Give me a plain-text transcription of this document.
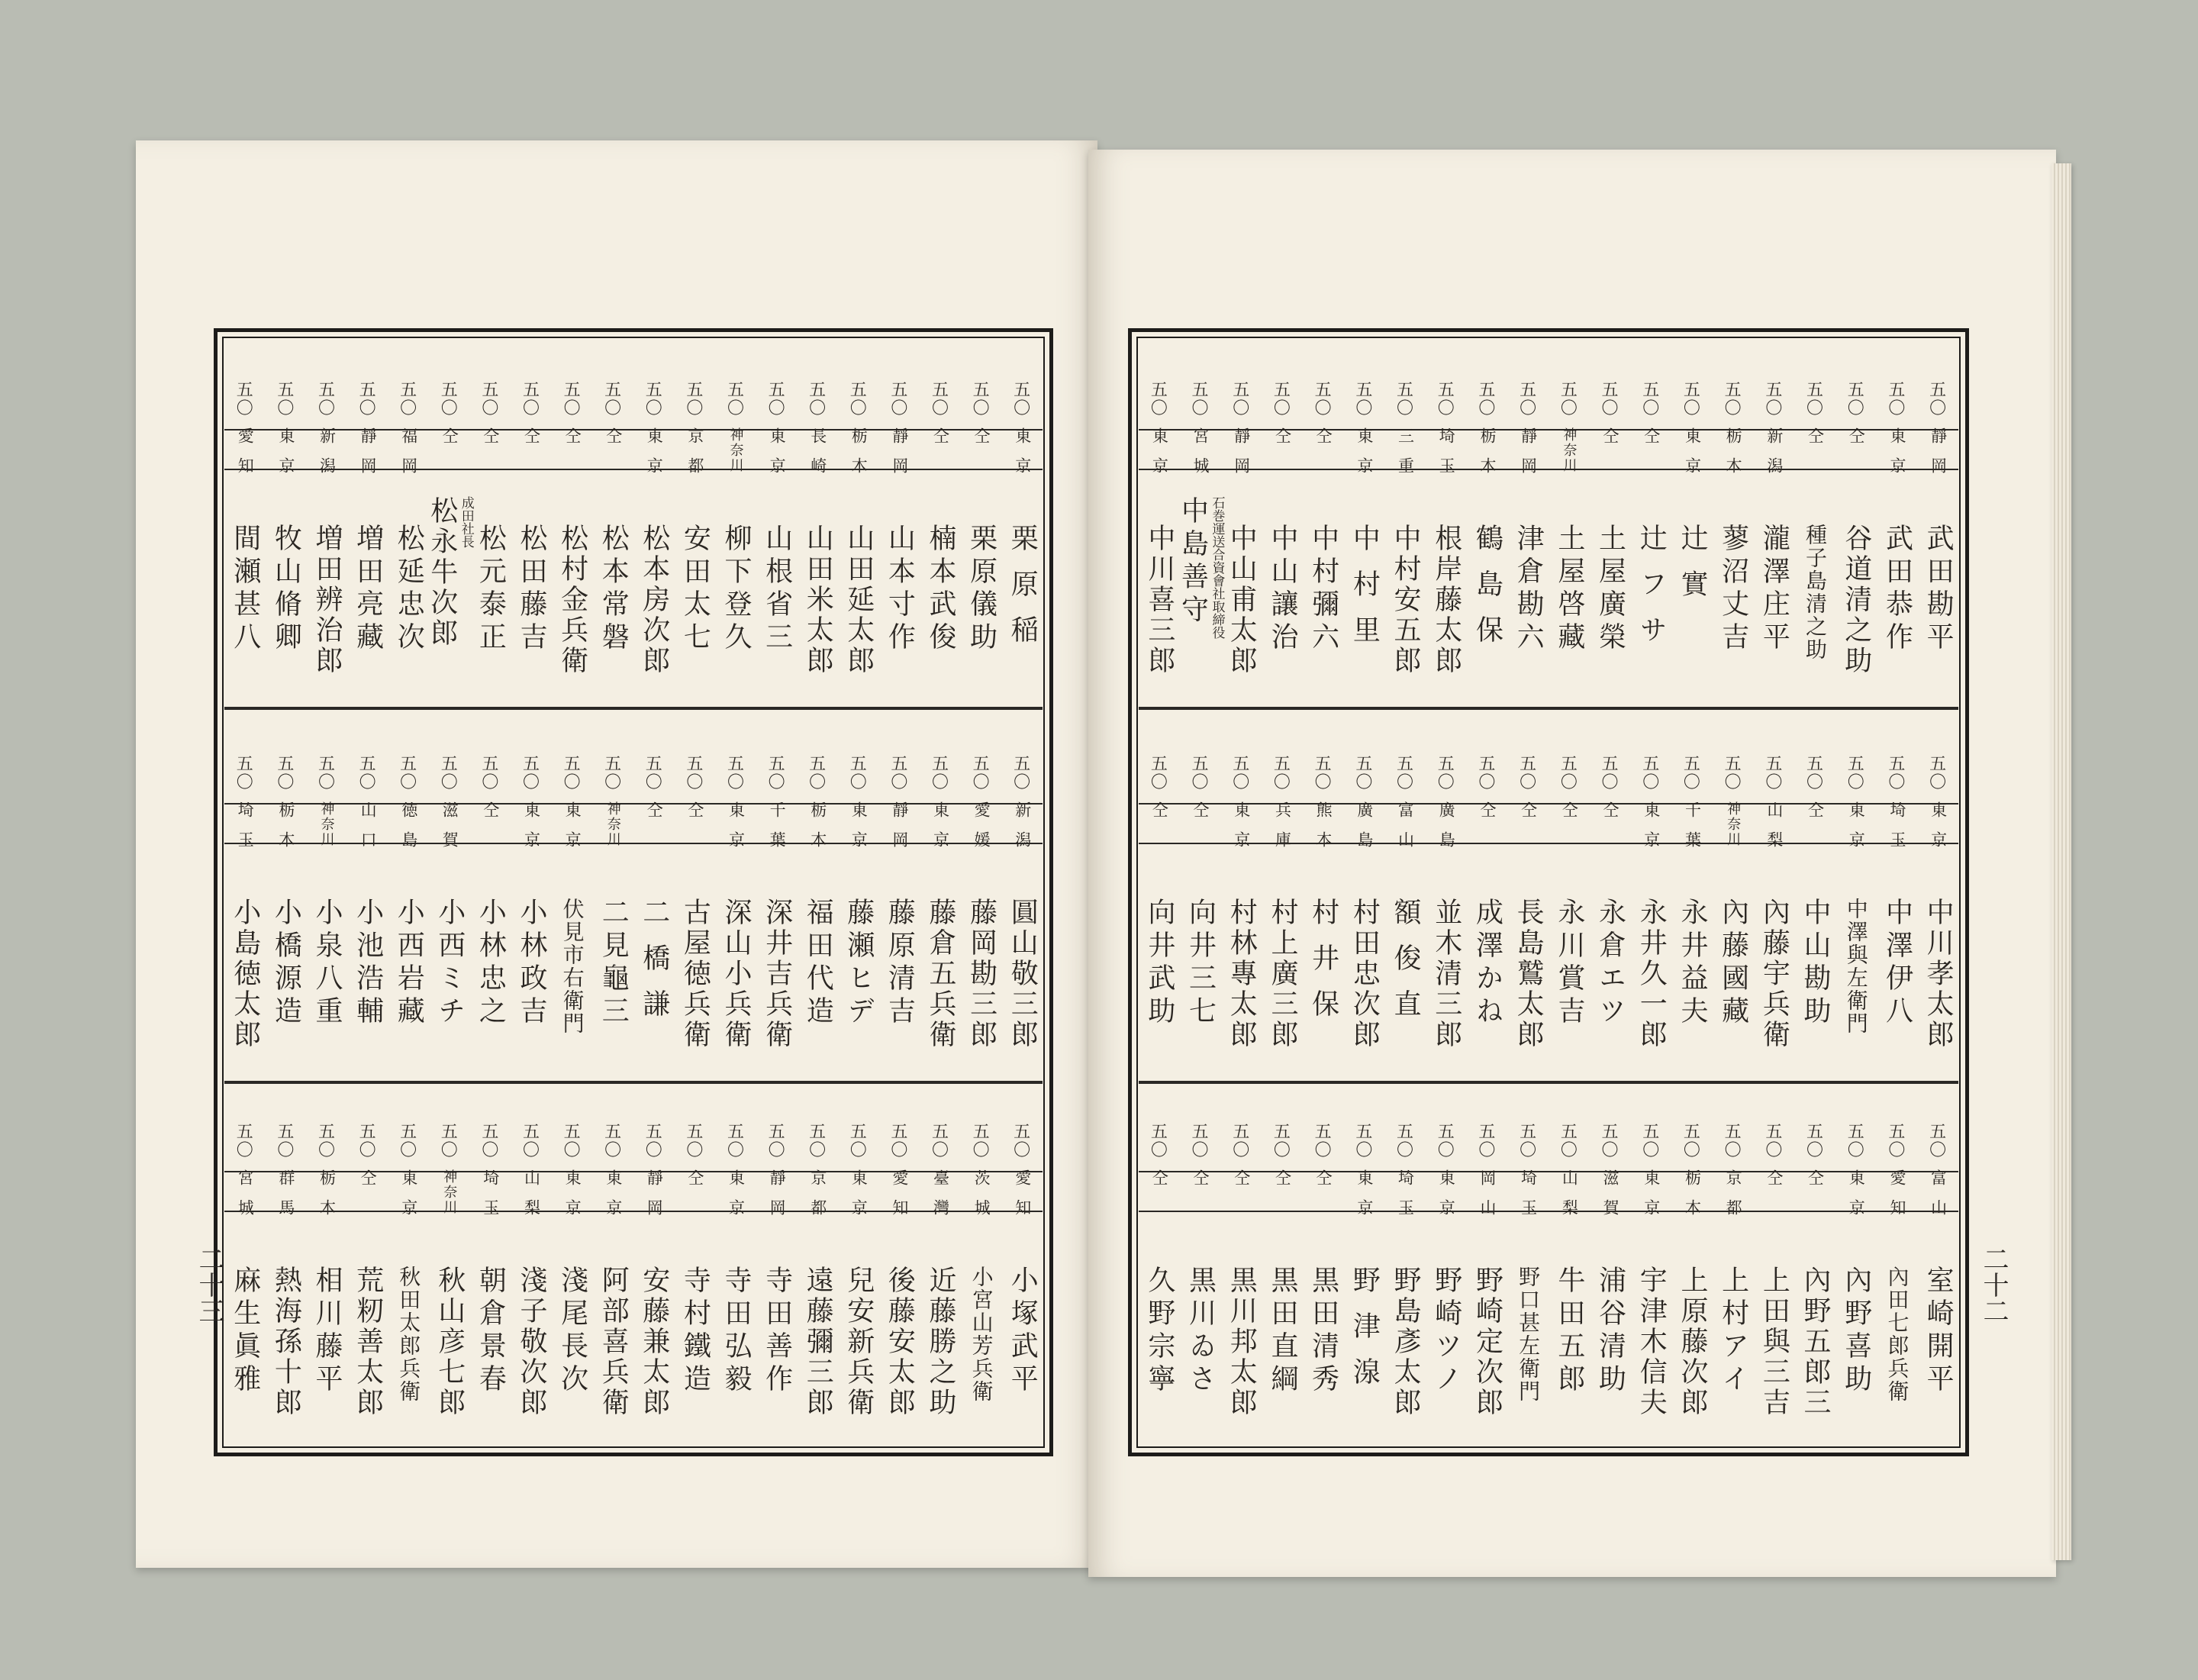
二十三	二十二
五
〇
東京
栗原稲
五
〇
仝
栗原儀助
五
〇
仝
楠本武俊
五
〇
靜岡
山本寸作
五
〇
栃木
山田延太郎
五
〇
長崎
山田米太郎
五
〇
東京
山根省三
五
〇
神奈川
柳下登久
五
〇
京都
安田太七
五
〇
東京
松本房次郎
五
〇
仝
松本常磐
五
〇
仝
松村金兵衛
五
〇
仝
松田藤吉
五
〇
仝
松元泰正
五
〇
仝
成田社長
松永牛次郎
五
〇
福岡
松延忠次
五
〇
靜岡
増田亮藏
五
〇
新潟
増田辨治郎
五
〇
東京
牧山脩卿
五
〇
愛知
間瀬甚八
五
〇
新潟
圓山敬三郎
五
〇
愛媛
藤岡勘三郎
五
〇
東京
藤倉五兵衛
五
〇
靜岡
藤原清吉
五
〇
東京
藤瀬ヒデ
五
〇
栃木
福田代造
五
〇
千葉
深井吉兵衛
五
〇
東京
深山小兵衛
五
〇
仝
古屋徳兵衛
五
〇
仝
二橋謙
五
〇
神奈川
二見龜三
五
〇
東京
伏見市右衛門
五
〇
東京
小林政吉
五
〇
仝
小林忠之
五
〇
滋賀
小西ミチ
五
〇
徳島
小西岩藏
五
〇
山口
小池浩輔
五
〇
神奈川
小泉八重
五
〇
栃木
小橋源造
五
〇
埼玉
小島徳太郎
五
〇
愛知
小塚武平
五
〇
茨城
小宮山芳兵衛
五
〇
臺灣
近藤勝之助
五
〇
愛知
後藤安太郎
五
〇
東京
兒安新兵衛
五
〇
京都
遠藤彌三郎
五
〇
靜岡
寺田善作
五
〇
東京
寺田弘毅
五
〇
仝
寺村鐵造
五
〇
靜岡
安藤兼太郎
五
〇
東京
阿部喜兵衛
五
〇
東京
淺尾長次
五
〇
山梨
淺子敬次郎
五
〇
埼玉
朝倉景春
五
〇
神奈川
秋山彦七郎
五
〇
東京
秋田太郎兵衛
五
〇
仝
荒籾善太郎
五
〇
栃木
相川藤平
五
〇
群馬
熱海孫十郎
五
〇
宮城
麻生眞雅
五
〇
靜岡
武田勘平
五
〇
東京
武田恭作
五
〇
仝
谷道清之助
五
〇
仝
種子島清之助
五
〇
新潟
瀧澤庄平
五
〇
栃木
蓼沼丈吉
五
〇
東京
辻實
五
〇
仝
辻フサ
五
〇
仝
土屋廣榮
五
〇
神奈川
土屋啓藏
五
〇
靜岡
津倉勘六
五
〇
栃木
鶴島保
五
〇
埼玉
根岸藤太郎
五
〇
三重
中村安五郎
五
〇
東京
中村里
五
〇
仝
中村彌六
五
〇
仝
中山讓治
五
〇
靜岡
中山甫太郎
五
〇
宮城
石巻運送合資會社取締役
中島善守
五
〇
東京
中川喜三郎
五
〇
東京
中川孝太郎
五
〇
埼玉
中澤伊八
五
〇
東京
中澤與左衛門
五
〇
仝
中山勘助
五
〇
山梨
內藤宇兵衛
五
〇
神奈川
內藤國藏
五
〇
千葉
永井益夫
五
〇
東京
永井久一郎
五
〇
仝
永倉エツ
五
〇
仝
永川賞吉
五
〇
仝
長島鷲太郎
五
〇
仝
成澤かね
五
〇
廣島
並木清三郎
五
〇
富山
額俊直
五
〇
廣島
村田忠次郎
五
〇
熊本
村井保
五
〇
兵庫
村上廣三郎
五
〇
東京
村林專太郎
五
〇
仝
向井三七
五
〇
仝
向井武助
五
〇
富山
室崎開平
五
〇
愛知
內田七郎兵衛
五
〇
東京
內野喜助
五
〇
仝
內野五郎三
五
〇
仝
上田與三吉
五
〇
京都
上村アイ
五
〇
栃木
上原藤次郎
五
〇
東京
宇津木信夫
五
〇
滋賀
浦谷清助
五
〇
山梨
牛田五郎
五
〇
埼玉
野口甚左衛門
五
〇
岡山
野崎定次郎
五
〇
東京
野崎ツノ
五
〇
埼玉
野島彥太郎
五
〇
東京
野津湶
五
〇
仝
黒田清秀
五
〇
仝
黒田直綱
五
〇
仝
黒川邦太郎
五
〇
仝
黒川ゐさ
五
〇
仝
久野宗寧
